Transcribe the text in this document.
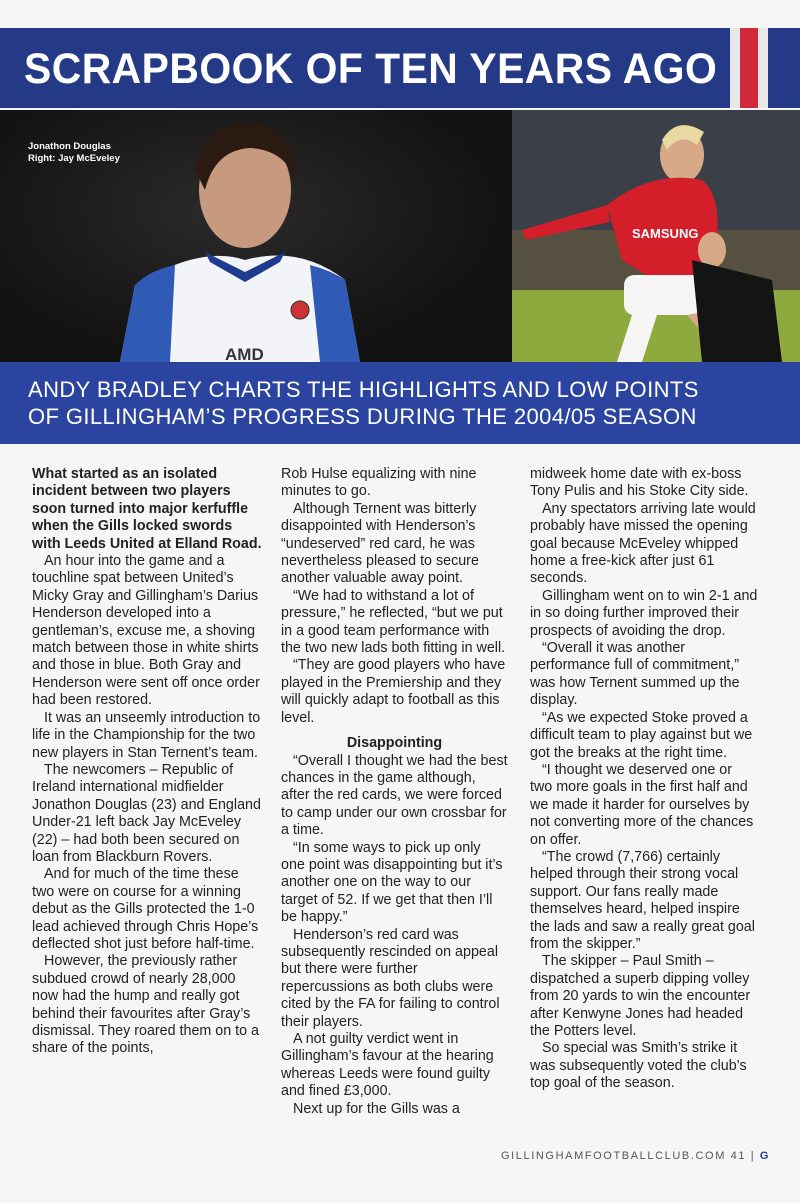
SCRAPBOOK OF TEN YEARS AGO
AMD
SAMSUNG
Jonathon Douglas
Right: Jay McEveley
ANDY BRADLEY CHARTS THE HIGHLIGHTS AND LOW POINTS
OF GILLINGHAM’S PROGRESS DURING THE 2004/05 SEASON

What started as an isolated incident between two players soon turned into major kerfuffle when the Gills locked swords with Leeds United at Elland Road.

An hour into the game and a touchline spat between United’s Micky Gray and Gillingham’s Darius Henderson developed into a gentleman’s, excuse me, a shoving match between those in white shirts and those in blue. Both Gray and Henderson were sent off once order had been restored.

It was an unseemly introduction to life in the Championship for the two new players in Stan Ternent’s team.

The newcomers – Republic of Ireland international midfielder Jonathon Douglas (23) and England Under-21 left back Jay McEveley (22) – had both been secured on loan from Blackburn Rovers.

And for much of the time these two were on course for a winning debut as the Gills protected the 1-0 lead achieved through Chris Hope’s deflected shot just before half-time.

However, the previously rather subdued crowd of nearly 28,000 now had the hump and really got behind their favourites after Gray’s dismissal. They roared them on to a share of the points,

Rob Hulse equalizing with nine minutes to go.

Although Ternent was bitterly disappointed with Henderson’s “undeserved” red card, he was nevertheless pleased to secure another valuable away point.

“We had to withstand a lot of pressure,” he reflected, “but we put in a good team performance with the two new lads both fitting in well.

“They are good players who have played in the Premiership and they will quickly adapt to football as this level.

Disappointing

“Overall I thought we had the best chances in the game although, after the red cards, we were forced to camp under our own crossbar for a time.

“In some ways to pick up only one point was disappointing but it’s another one on the way to our target of 52. If we get that then I’ll be happy.”

Henderson’s red card was subsequently rescinded on appeal but there were further repercussions as both clubs were cited by the FA for failing to control their players.

A not guilty verdict went in Gillingham’s favour at the hearing whereas Leeds were found guilty and fined £3,000.

Next up for the Gills was a

midweek home date with ex-boss Tony Pulis and his Stoke City side.

Any spectators arriving late would probably have missed the opening goal because McEveley whipped home a free-kick after just 61 seconds.

Gillingham went on to win 2-1 and in so doing further improved their prospects of avoiding the drop.

“Overall it was another performance full of commitment,” was how Ternent summed up the display.

“As we expected Stoke proved a difficult team to play against but we got the breaks at the right time.

“I thought we deserved one or two more goals in the first half and we made it harder for ourselves by not converting more of the chances on offer.

“The crowd (7,766) certainly helped through their strong vocal support. Our fans really made themselves heard, helped inspire the lads and saw a really great goal from the skipper.”

The skipper – Paul Smith – dispatched a superb dipping volley from 20 yards to win the encounter after Kenwyne Jones had headed the Potters level.

So special was Smith’s strike it was subsequently voted the club’s top goal of the season.

GILLINGHAMFOOTBALLCLUB.COM 41 | G
